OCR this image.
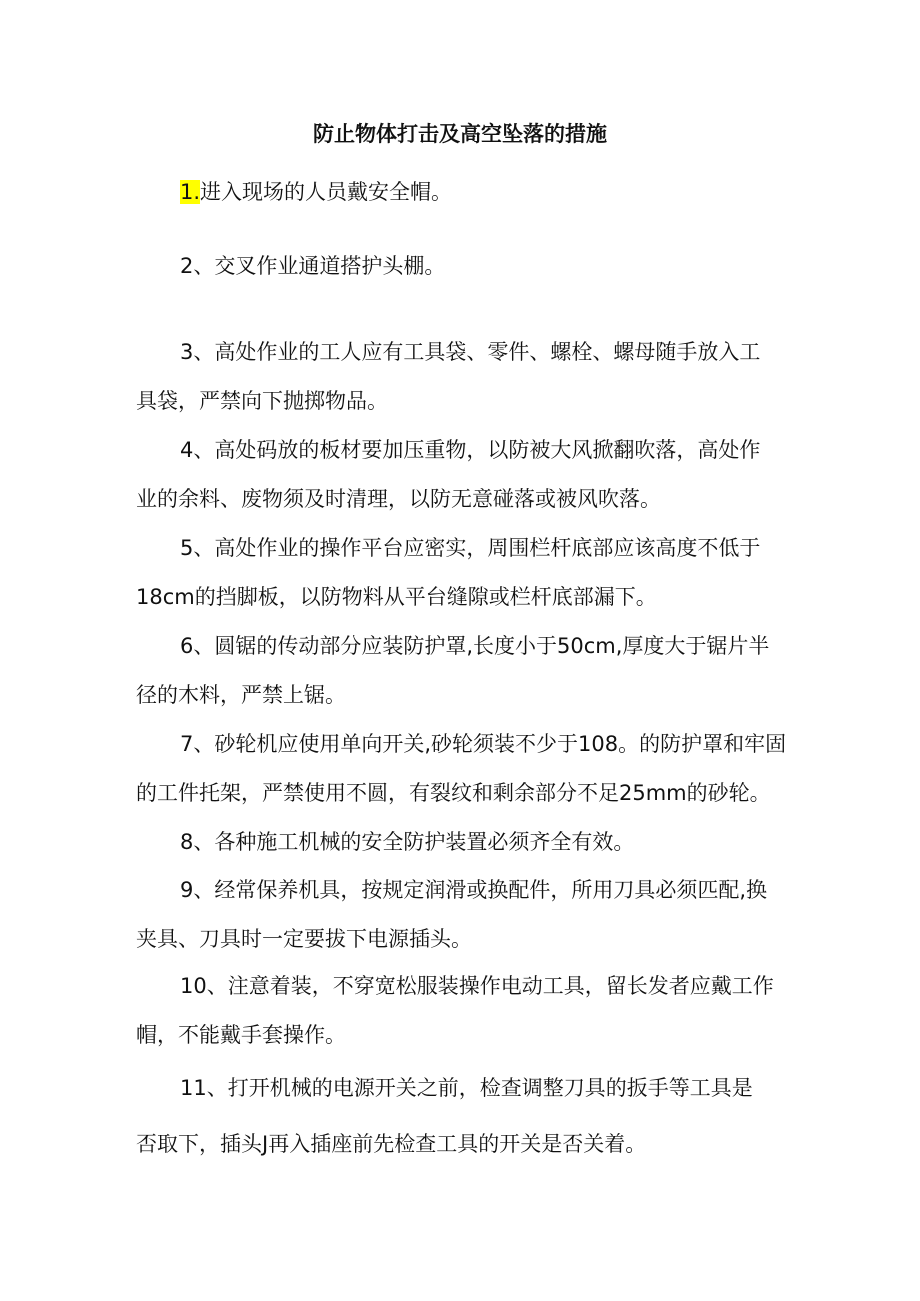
防止物体打击及高空坠落的措施
1.进入现场的人员戴安全帽。
2、交叉作业通道搭护头棚。
3、高处作业的工人应有工具袋、零件、螺栓、螺母随手放入工
具袋，严禁向下抛掷物品。
4、高处码放的板材要加压重物，以防被大风掀翻吹落，高处作
业的余料、废物须及时清理，以防无意碰落或被风吹落。
5、高处作业的操作平台应密实，周围栏杆底部应该高度不低于
18cm的挡脚板，以防物料从平台缝隙或栏杆底部漏下。
6、圆锯的传动部分应装防护罩,长度小于50cm,厚度大于锯片半
径的木料，严禁上锯。
7、砂轮机应使用单向开关,砂轮须装不少于108。的防护罩和牢固
的工件托架，严禁使用不圆，有裂纹和剩余部分不足25mm的砂轮。
8、各种施工机械的安全防护装置必须齐全有效。
9、经常保养机具，按规定润滑或换配件，所用刀具必须匹配,换
夹具、刀具时一定要拔下电源插头。
10、注意着装，不穿宽松服装操作电动工具，留长发者应戴工作
帽，不能戴手套操作。
11、打开机械的电源开关之前，检查调整刀具的扳手等工具是
否取下，插头J再入插座前先检查工具的开关是否关着。
